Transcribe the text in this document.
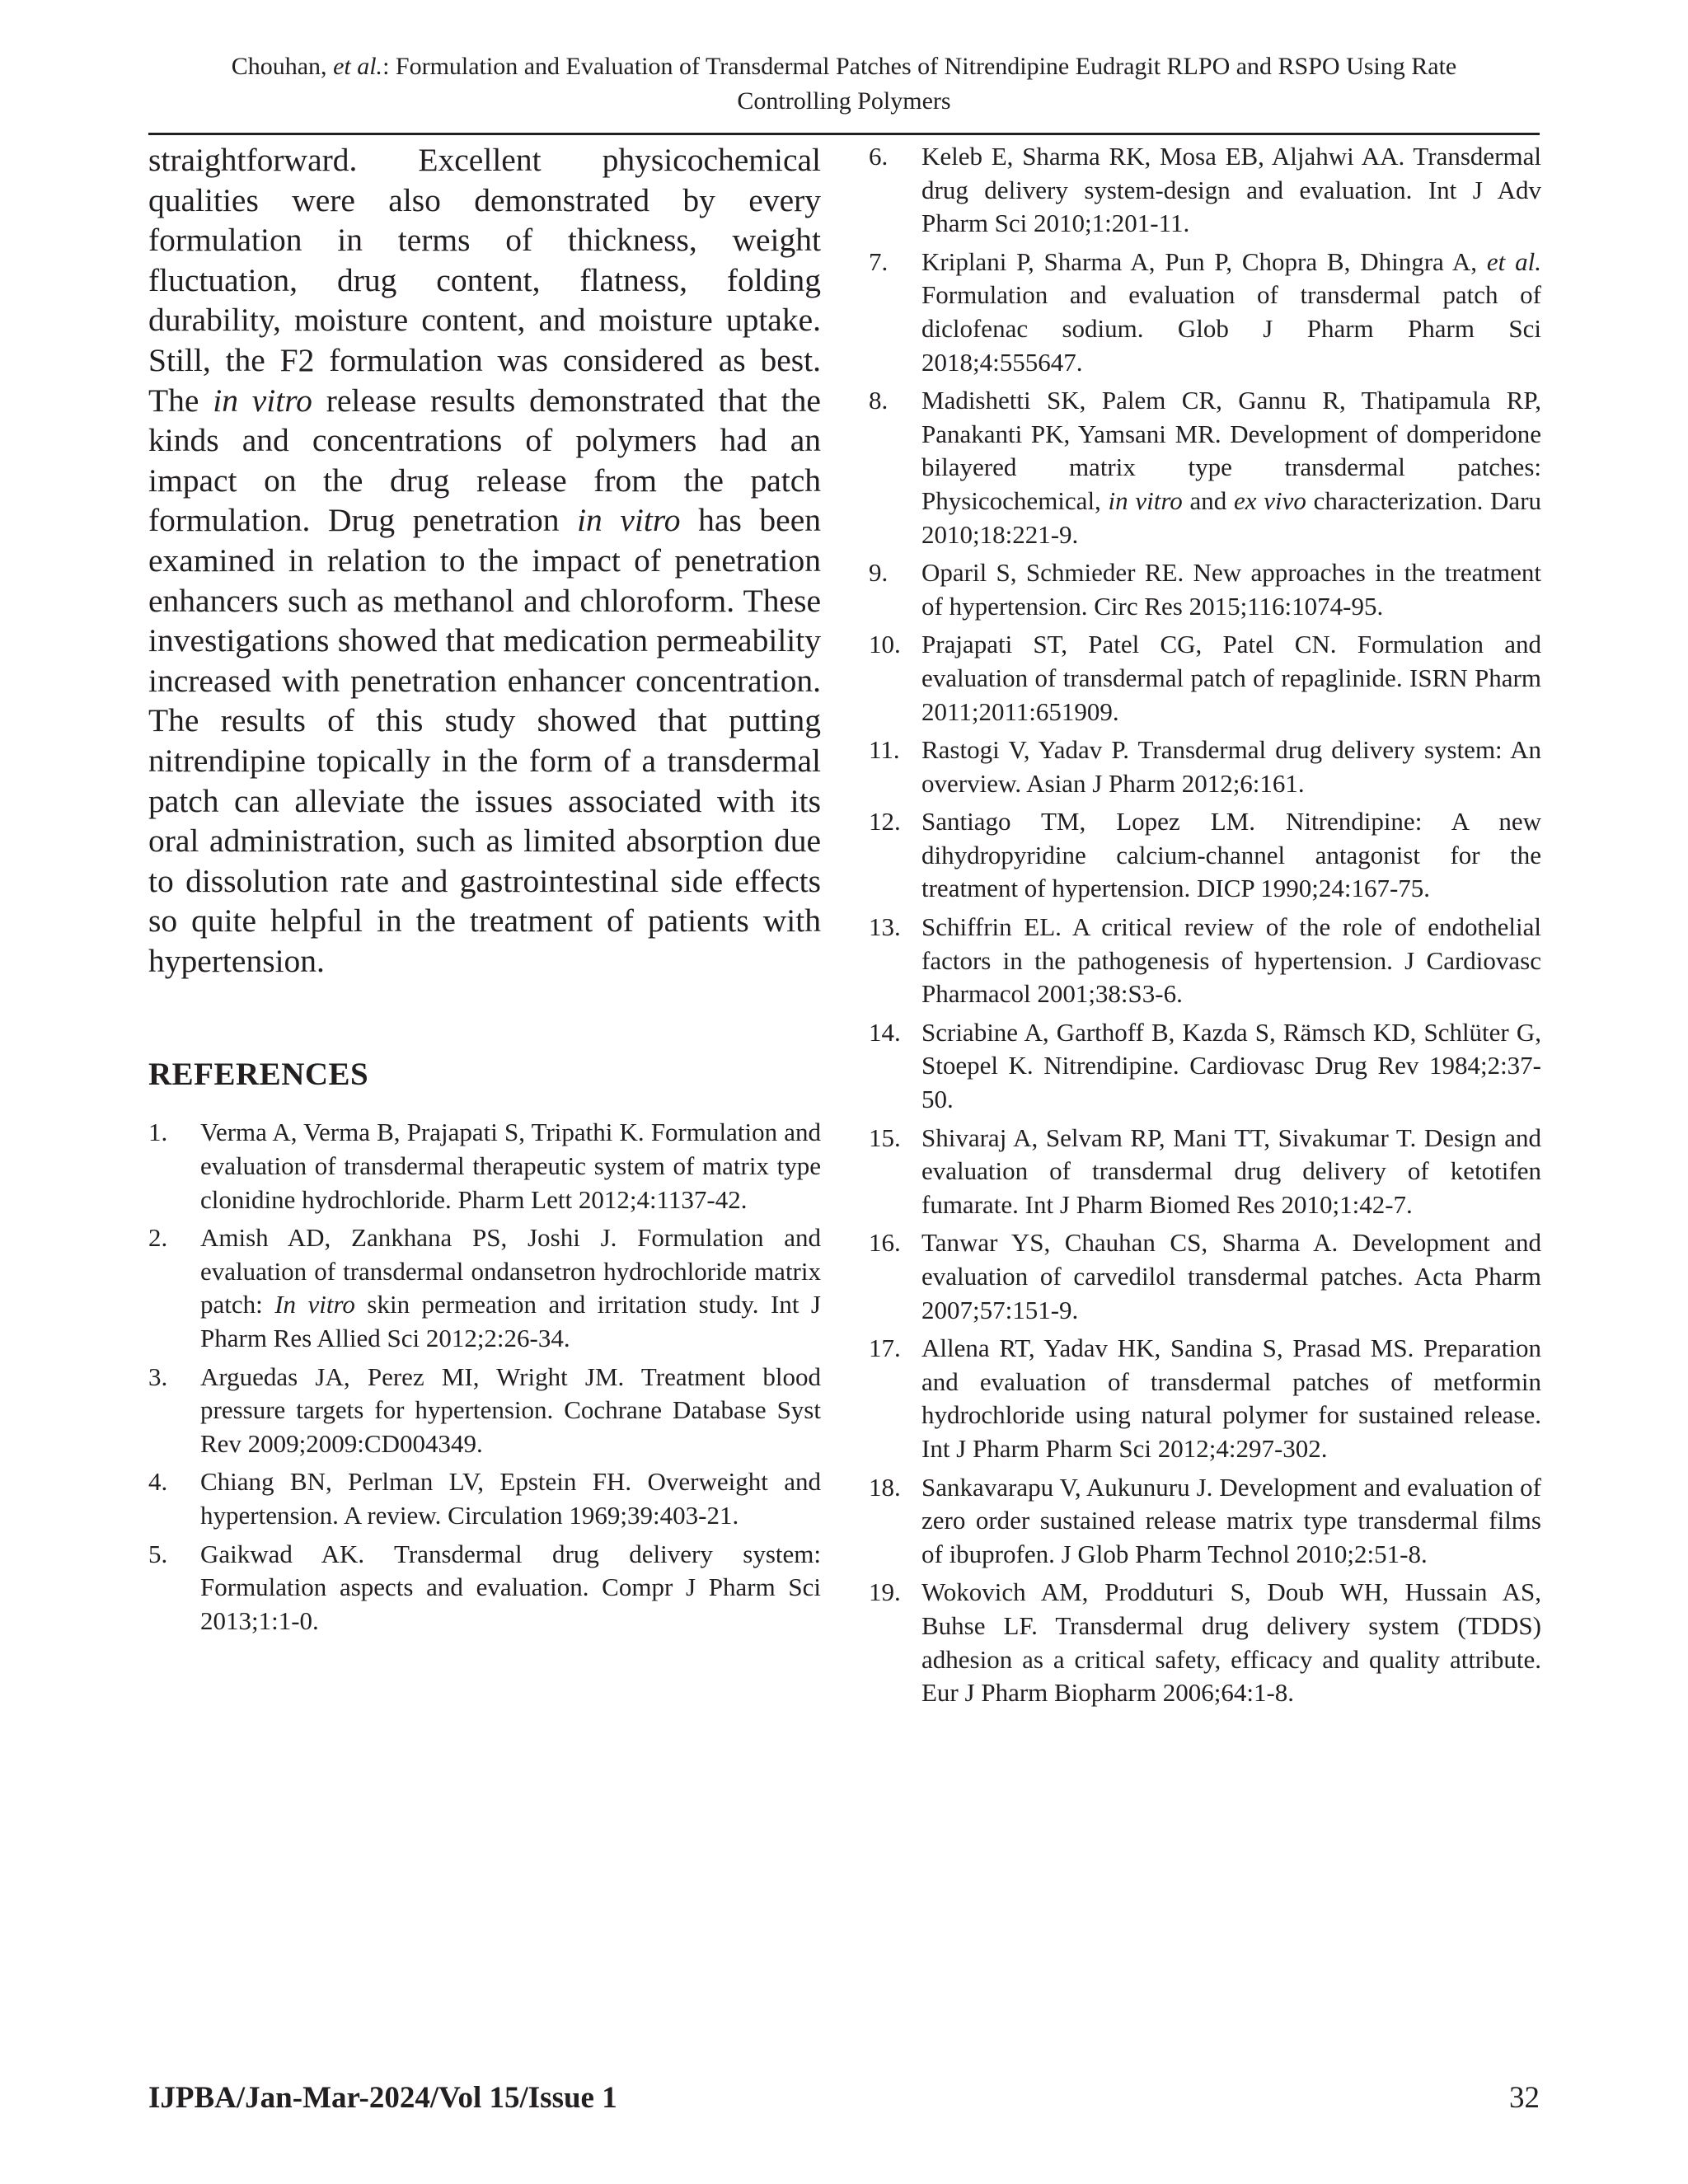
Chouhan, et al.: Formulation and Evaluation of Transdermal Patches of Nitrendipine Eudragit RLPO and RSPO Using Rate
Controlling Polymers

straightforward. Excellent physicochemical qualities were also demonstrated by every formulation in terms of thickness, weight fluctuation, drug content, flatness, folding durability, moisture content, and moisture uptake. Still, the F2 formulation was considered as best. The in vitro release results demonstrated that the kinds and concentrations of polymers had an impact on the drug release from the patch formulation. Drug penetration in vitro has been examined in relation to the impact of penetration enhancers such as methanol and chloroform. These investigations showed that medication permeability increased with penetration enhancer concentration. The results of this study showed that putting nitrendipine topically in the form of a transdermal patch can alleviate the issues associated with its oral administration, such as limited absorption due to dissolution rate and gastrointestinal side effects so quite helpful in the treatment of patients with hypertension.

REFERENCES
1.	Verma A, Verma B, Prajapati S, Tripathi K. Formulation and evaluation of transdermal therapeutic system of matrix type clonidine hydrochloride. Pharm Lett 2012;4:1137-42.
2.	Amish AD, Zankhana PS, Joshi J. Formulation and evaluation of transdermal ondansetron hydrochloride matrix patch: In vitro skin permeation and irritation study. Int J Pharm Res Allied Sci 2012;2:26-34.
3.	Arguedas JA, Perez MI, Wright JM. Treatment blood pressure targets for hypertension. Cochrane Database Syst Rev 2009;2009:CD004349.
4.	Chiang BN, Perlman LV, Epstein FH. Overweight and hypertension. A review. Circulation 1969;39:403-21.
5.	Gaikwad AK. Transdermal drug delivery system: Formulation aspects and evaluation. Compr J Pharm Sci 2013;1:1-0.
6.	Keleb E, Sharma RK, Mosa EB, Aljahwi AA. Transdermal drug delivery system-design and evaluation. Int J Adv Pharm Sci 2010;1:201-11.
7.	Kriplani P, Sharma A, Pun P, Chopra B, Dhingra A, et al. Formulation and evaluation of transdermal patch of diclofenac sodium. Glob J Pharm Pharm Sci 2018;4:555647.
8.	Madishetti SK, Palem CR, Gannu R, Thatipamula RP, Panakanti PK, Yamsani MR. Development of domperidone bilayered matrix type transdermal patches: Physicochemical, in vitro and ex vivo characterization. Daru 2010;18:221-9.
9.	Oparil S, Schmieder RE. New approaches in the treatment of hypertension. Circ Res 2015;116:1074-95.
10. Prajapati ST, Patel CG, Patel CN. Formulation and evaluation of transdermal patch of repaglinide. ISRN Pharm 2011;2011:651909.
11. Rastogi V, Yadav P. Transdermal drug delivery system: An overview. Asian J Pharm 2012;6:161.
12. Santiago TM, Lopez LM. Nitrendipine: A new dihydropyridine calcium-channel antagonist for the treatment of hypertension. DICP 1990;24:167-75.
13. Schiffrin EL. A critical review of the role of endothelial factors in the pathogenesis of hypertension. J Cardiovasc Pharmacol 2001;38:S3-6.
14. Scriabine A, Garthoff B, Kazda S, Rämsch KD, Schlüter G, Stoepel K. Nitrendipine. Cardiovasc Drug Rev 1984;2:37-50.
15. Shivaraj A, Selvam RP, Mani TT, Sivakumar T. Design and evaluation of transdermal drug delivery of ketotifen fumarate. Int J Pharm Biomed Res 2010;1:42-7.
16. Tanwar YS, Chauhan CS, Sharma A. Development and evaluation of carvedilol transdermal patches. Acta Pharm 2007;57:151-9.
17. Allena RT, Yadav HK, Sandina S, Prasad MS. Preparation and evaluation of transdermal patches of metformin hydrochloride using natural polymer for sustained release. Int J Pharm Pharm Sci 2012;4:297-302.
18. Sankavarapu V, Aukunuru J. Development and evaluation of zero order sustained release matrix type transdermal films of ibuprofen. J Glob Pharm Technol 2010;2:51-8.
19. Wokovich AM, Prodduturi S, Doub WH, Hussain AS, Buhse LF. Transdermal drug delivery system (TDDS) adhesion as a critical safety, efficacy and quality attribute. Eur J Pharm Biopharm 2006;64:1-8.
IJPBA/Jan-Mar-2024/Vol 15/Issue 1	32
